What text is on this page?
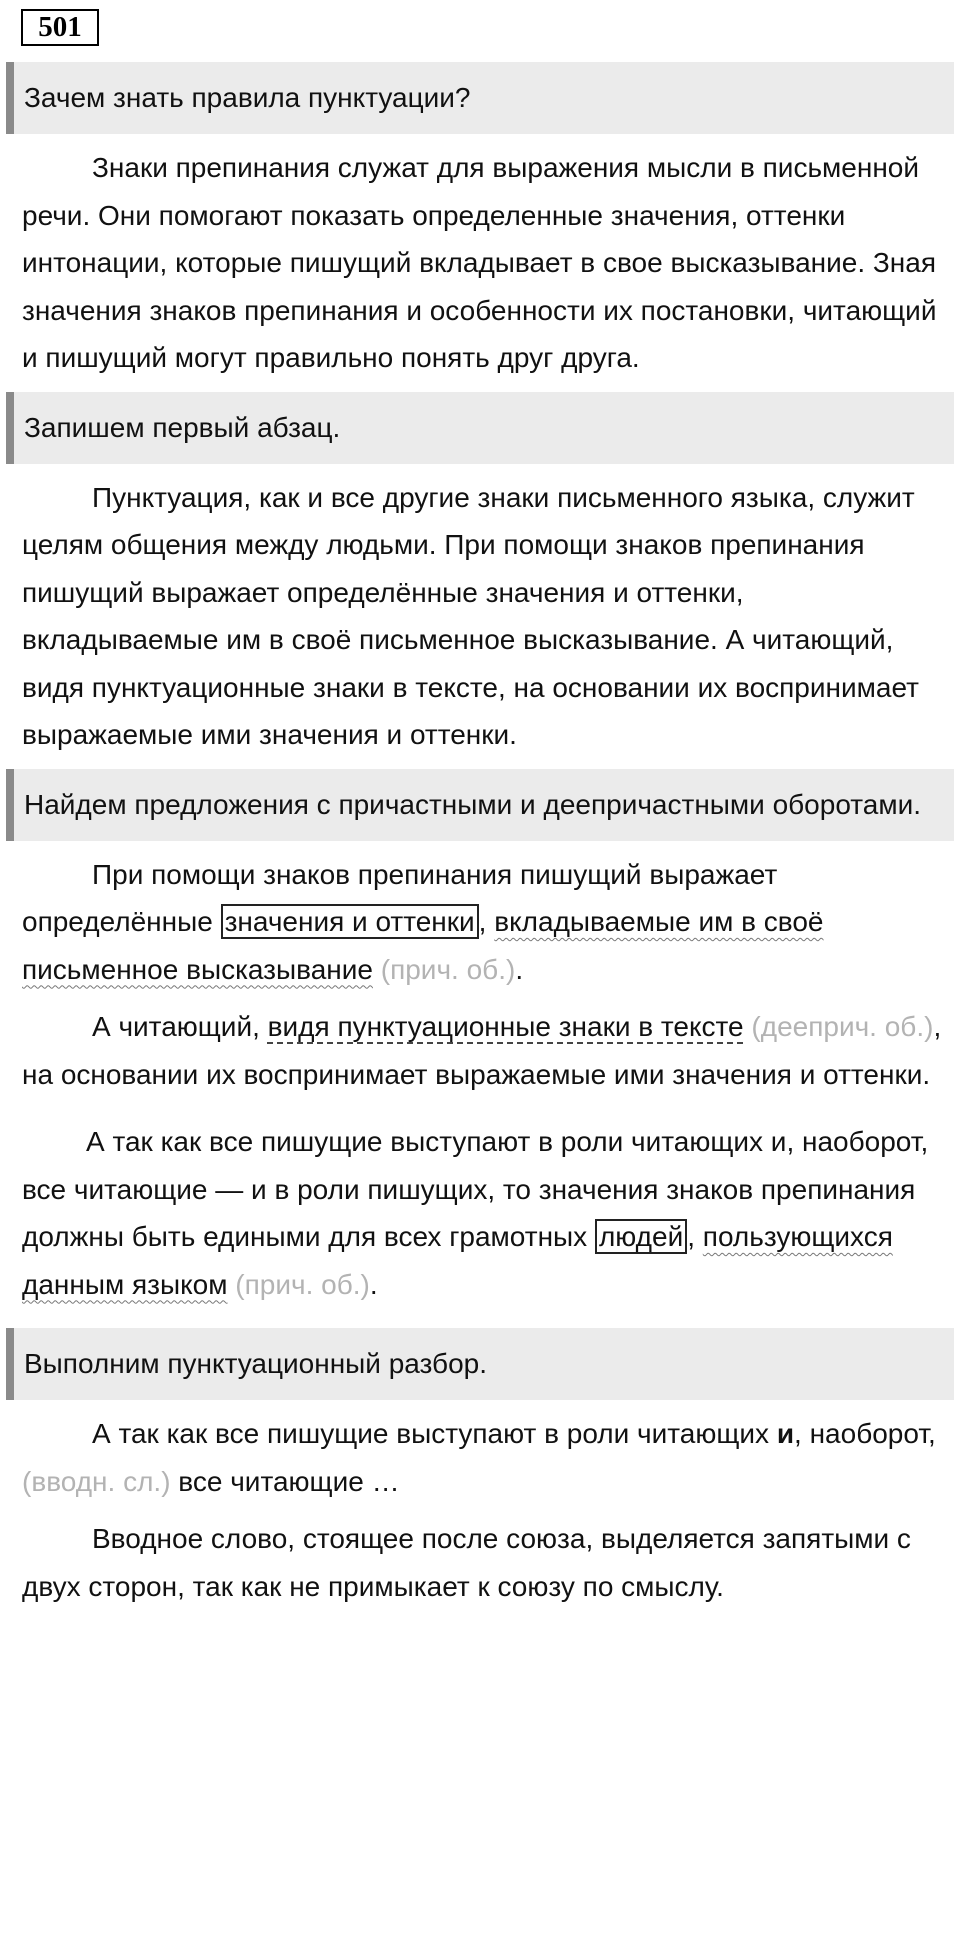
501
Зачем знать правила пунктуации?

Знаки препинания служат для выражения мысли в письменной речи. Они помогают показать определенные значения, оттенки интонации, которые пишущий вкладывает в свое высказывание. Зная значения знаков препинания и особенности их постановки, читающий и пишущий могут правильно понять друг друга.

Запишем первый абзац.

Пунктуация, как и все другие знаки письменного языка, служит целям общения между людьми. При помощи знаков препинания пишущий выражает определённые значения и оттенки, вкладываемые им в своё письменное высказывание. А читающий, видя пунктуационные знаки в тексте, на основании их воспринимает выражаемые ими значения и оттенки.

Найдем предложения с причастными и деепричастными оборотами.

При помощи знаков препинания пишущий выражает определённые значения и оттенки , вкладываемые им в своё письменное высказывание (прич. об.).

А читающий, видя пунктуационные знаки в тексте (дееприч. об.), на основании их воспринимает выражаемые ими значения и оттенки.

А так как все пишущие выступают в роли читающих и, наоборот, все читающие — и в роли пишущих, то значения знаков препинания должны быть едиными для всех грамотных людей , пользующихся данным языком (прич. об.).

Выполним пунктуационный разбор.

А так как все пишущие выступают в роли читающих и, наоборот, (вводн. сл.) все читающие …

Вводное слово, стоящее после союза, выделяется запятыми с двух сторон, так как не примыкает к союзу по смыслу.
